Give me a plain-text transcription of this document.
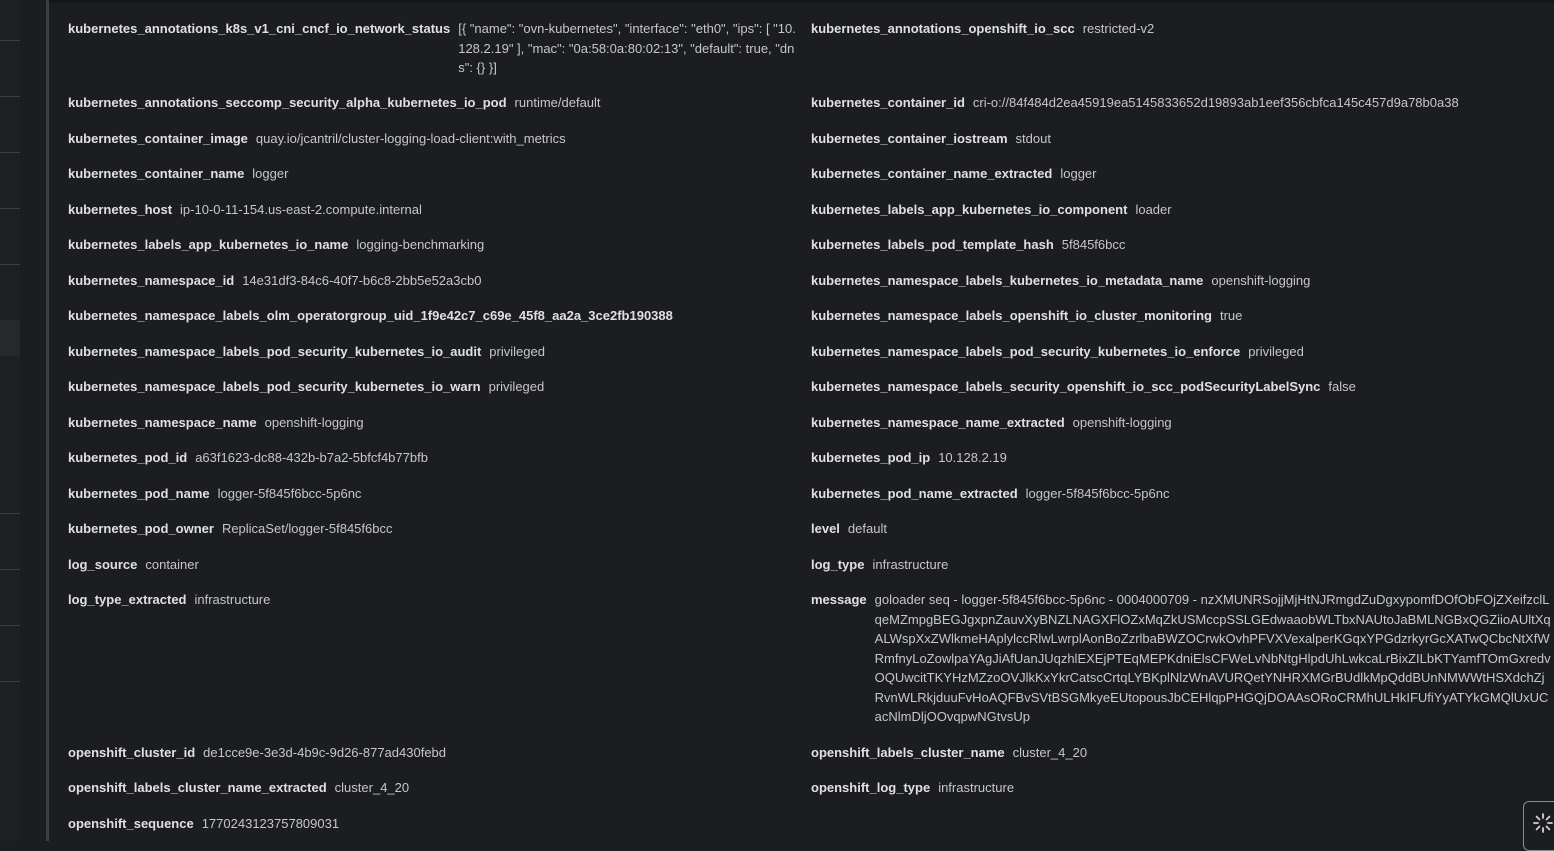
kubernetes_annotations_k8s_v1_cni_cncf_io_network_status [{ "name": "ovn-kubernetes", "interface": "eth0", "ips": [ "10.128.2.19" ], "mac": "0a:58:0a:80:02:13", "default": true, "dns": {} }]
kubernetes_annotations_seccomp_security_alpha_kubernetes_io_pod runtime/default
kubernetes_container_image quay.io/jcantril/cluster-logging-load-client:with_metrics
kubernetes_container_name logger
kubernetes_host ip-10-0-11-154.us-east-2.compute.internal
kubernetes_labels_app_kubernetes_io_name logging-benchmarking
kubernetes_namespace_id 14e31df3-84c6-40f7-b6c8-2bb5e52a3cb0
kubernetes_namespace_labels_olm_operatorgroup_uid_1f9e42c7_c69e_45f8_aa2a_3ce2fb190388
kubernetes_namespace_labels_pod_security_kubernetes_io_audit privileged
kubernetes_namespace_labels_pod_security_kubernetes_io_warn privileged
kubernetes_namespace_name openshift-logging
kubernetes_pod_id a63f1623-dc88-432b-b7a2-5bfcf4b77bfb
kubernetes_pod_name logger-5f845f6bcc-5p6nc
kubernetes_pod_owner ReplicaSet/logger-5f845f6bcc
log_source container
log_type_extracted infrastructure
openshift_cluster_id de1cce9e-3e3d-4b9c-9d26-877ad430febd
openshift_labels_cluster_name_extracted cluster_4_20
openshift_sequence 1770243123757809031
kubernetes_annotations_openshift_io_scc restricted-v2
kubernetes_container_id cri-o://84f484d2ea45919ea5145833652d19893ab1eef356cbfca145c457d9a78b0a38
kubernetes_container_iostream stdout
kubernetes_container_name_extracted logger
kubernetes_labels_app_kubernetes_io_component loader
kubernetes_labels_pod_template_hash 5f845f6bcc
kubernetes_namespace_labels_kubernetes_io_metadata_name openshift-logging
kubernetes_namespace_labels_openshift_io_cluster_monitoring true
kubernetes_namespace_labels_pod_security_kubernetes_io_enforce privileged
kubernetes_namespace_labels_security_openshift_io_scc_podSecurityLabelSync false
kubernetes_namespace_name_extracted openshift-logging
kubernetes_pod_ip 10.128.2.19
kubernetes_pod_name_extracted logger-5f845f6bcc-5p6nc
level default
log_type infrastructure
message goloader seq - logger-5f845f6bcc-5p6nc - 0004000709 - nzXMUNRSojjMjHtNJRmgdZuDgxypomfDOfObFOjZXeifzclLqeMZmpgBEGJgxpnZauvXyBNZLNAGXFlOZxMqZkUSMccpSSLGEdwaaobWLTbxNAUtoJaBMLNGBxQGZiioAUltXqALWspXxZWlkmeHAplylccRlwLwrplAonBoZzrlbaBWZOCrwkOvhPFVXVexalperKGqxYPGdzrkyrGcXATwQCbcNtXfWRmfnyLoZowlpaYAgJiAfUanJUqzhlEXEjPTEqMEPKdniElsCFWeLvNbNtgHlpdUhLwkcaLrBixZILbKTYamfTOmGxredvOQUwcitTKYHzMZzoOVJlkKxYkrCatscCrtqLYBKplNlzWnAVURQetYNHRXMGrBUdlkMpQddBUnNMWWtHSXdchZjRvnWLRkjduuFvHoAQFBvSVtBSGMkyeEUtopousJbCEHlqpPHGQjDOAAsORoCRMhULHkIFUfiYyATYkGMQlUxUCacNlmDljOOvqpwNGtvsUp
openshift_labels_cluster_name cluster_4_20
openshift_log_type infrastructure
